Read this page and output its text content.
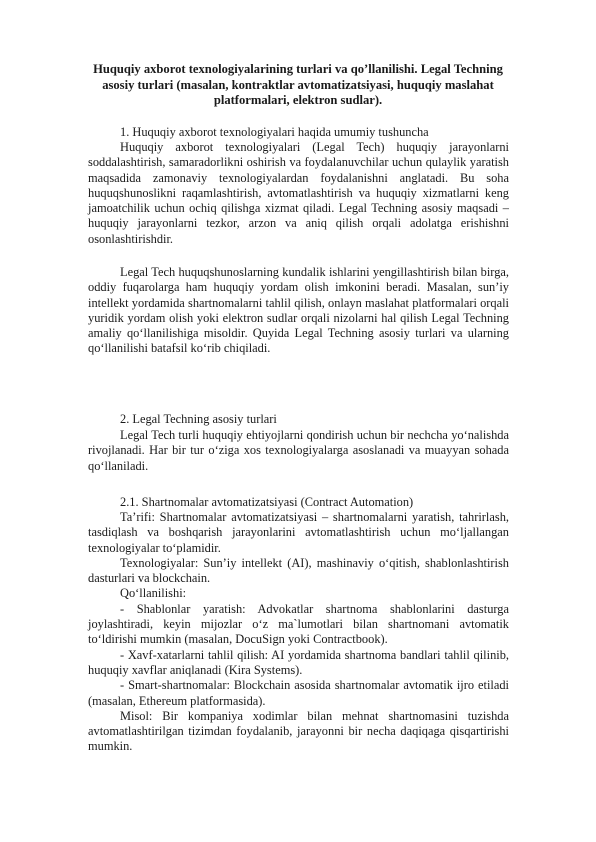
Huquqiy axborot texnologiyalarining turlari va qo’llanilishi. Legal Techning asosiy turlari (masalan, kontraktlar avtomatizatsiyasi, huquqiy maslahat platformalari, elektron sudlar).
1. Huquqiy axborot texnologiyalari haqida umumiy tushuncha

Huquqiy axborot texnologiyalari (Legal Tech) huquqiy jarayonlarni soddalashtirish, samaradorlikni oshirish va foydalanuvchilar uchun qulaylik yaratish maqsadida zamonaviy texnologiyalardan foydalanishni anglatadi. Bu soha huquqshunoslikni raqamlashtirish, avtomatlashtirish va huquqiy xizmatlarni keng jamoatchilik uchun ochiq qilishga xizmat qiladi. Legal Techning asosiy maqsadi – huquqiy jarayonlarni tezkor, arzon va aniq qilish orqali adolatga erishishni osonlashtirishdir.

Legal Tech huquqshunoslarning kundalik ishlarini yengillashtirish bilan birga, oddiy fuqarolarga ham huquqiy yordam olish imkonini beradi. Masalan, sun’iy intellekt yordamida shartnomalarni tahlil qilish, onlayn maslahat platformalari orqali yuridik yordam olish yoki elektron sudlar orqali nizolarni hal qilish Legal Techning amaliy qo‘llanilishiga misoldir. Quyida Legal Techning asosiy turlari va ularning qo‘llanilishi batafsil ko‘rib chiqiladi.

2. Legal Techning asosiy turlari

Legal Tech turli huquqiy ehtiyojlarni qondirish uchun bir nechcha yo‘nalishda rivojlanadi. Har bir tur o‘ziga xos texnologiyalarga asoslanadi va muayyan sohada qo‘llaniladi.

2.1. Shartnomalar avtomatizatsiyasi (Contract Automation)

Ta’rifi: Shartnomalar avtomatizatsiyasi – shartnomalarni yaratish, tahrirlash, tasdiqlash va boshqarish jarayonlarini avtomatlashtirish uchun mo‘ljallangan texnologiyalar to‘plamidir.

Texnologiyalar: Sun’iy intellekt (AI), mashinaviy o‘qitish, shablonlashtirish dasturlari va blockchain.

Qo‘llanilishi:

- Shablonlar yaratish: Advokatlar shartnoma shablonlarini dasturga joylashtiradi, keyin mijozlar o‘z ma`lumotlari bilan shartnomani avtomatik to‘ldirishi mumkin (masalan, DocuSign yoki Contractbook).

- Xavf-xatarlarni tahlil qilish: AI yordamida shartnoma bandlari tahlil qilinib, huquqiy xavflar aniqlanadi (Kira Systems).

- Smart-shartnomalar: Blockchain asosida shartnomalar avtomatik ijro etiladi (masalan, Ethereum platformasida).

Misol: Bir kompaniya xodimlar bilan mehnat shartnomasini tuzishda avtomatlashtirilgan tizimdan foydalanib, jarayonni bir necha daqiqaga qisqartirishi mumkin.
